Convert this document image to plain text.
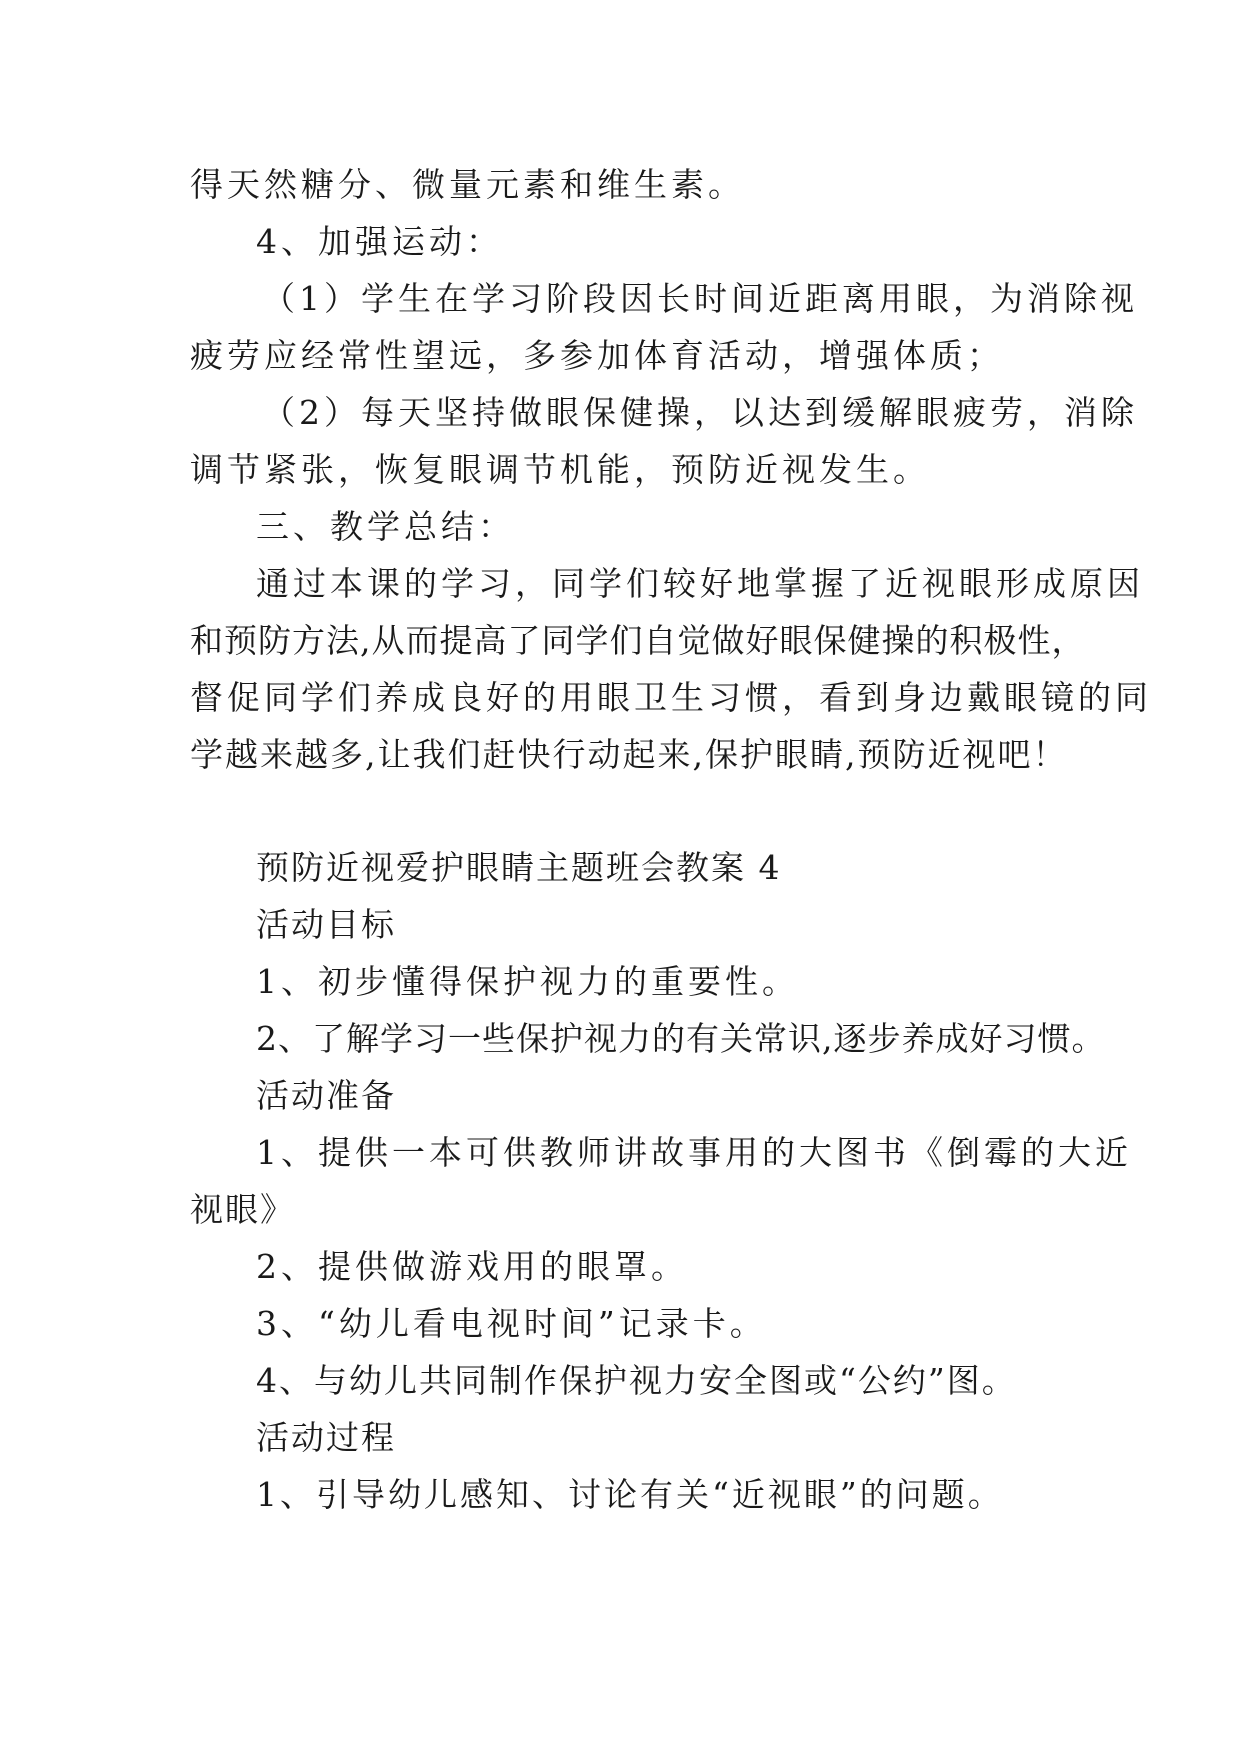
得天然糖分、微量元素和维生素。
4、加强运动：
（1）学生在学习阶段因长时间近距离用眼，为消除视
疲劳应经常性望远，多参加体育活动，增强体质；
（2）每天坚持做眼保健操，以达到缓解眼疲劳，消除
调节紧张，恢复眼调节机能，预防近视发生。
三、教学总结：
通过本课的学习，同学们较好地掌握了近视眼形成原因
和预防方法,从而提高了同学们自觉做好眼保健操的积极性，
督促同学们养成良好的用眼卫生习惯，看到身边戴眼镜的同
学越来越多,让我们赶快行动起来,保护眼睛,预防近视吧！
预防近视爱护眼睛主题班会教案 4
活动目标
1、初步懂得保护视力的重要性。
2、了解学习一些保护视力的有关常识,逐步养成好习惯。
活动准备
1、提供一本可供教师讲故事用的大图书《倒霉的大近
视眼》
2、提供做游戏用的眼罩。
3、“幼儿看电视时间”记录卡。
4、与幼儿共同制作保护视力安全图或“公约”图。
活动过程
1、引导幼儿感知、讨论有关“近视眼”的问题。
